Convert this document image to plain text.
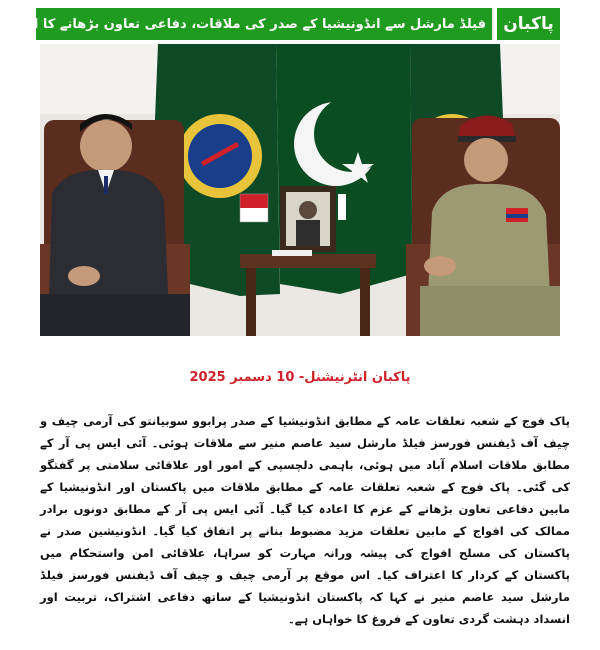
فیلڈ مارشل سے انڈونیشیا کے صدر کی ملاقات، دفاعی تعاون بڑھانے کا اعادہ پاکبان
پاکبان انٹرنیشنل- 10 دسمبر 2025

پاک فوج کے شعبہ تعلقات عامہ کے مطابق انڈونیشیا کے صدر پرابوو سوبیانتو کی آرمی چیف و چیف آف ڈیفنس فورسز فیلڈ مارشل سید عاصم منیر سے ملاقات ہوئی۔ آئی ایس پی آر کے مطابق ملاقات اسلام آباد میں ہوئی، باہمی دلچسپی کے امور اور علاقائی سلامتی پر گفتگو کی گئی۔ پاک فوج کے شعبہ تعلقات عامہ کے مطابق ملاقات میں پاکستان اور انڈونیشیا کے مابین دفاعی تعاون بڑھانے کے عزم کا اعادہ کیا گیا۔ آئی ایس پی آر کے مطابق دونوں برادر ممالک کی افواج کے مابین تعلقات مزید مضبوط بنانے پر اتفاق کیا گیا۔ انڈونیشین صدر نے پاکستان کی مسلح افواج کی پیشہ ورانہ مہارت کو سراہا، علاقائی امن واستحکام میں پاکستان کے کردار کا اعتراف کیا۔ اس موقع پر آرمی چیف و چیف آف ڈیفنس فورسز فیلڈ مارشل سید عاصم منیر نے کہا کہ پاکستان انڈونیشیا کے ساتھ دفاعی اشتراک، تربیت اور انسداد دہشت گردی تعاون کے فروغ کا خواہاں ہے۔
